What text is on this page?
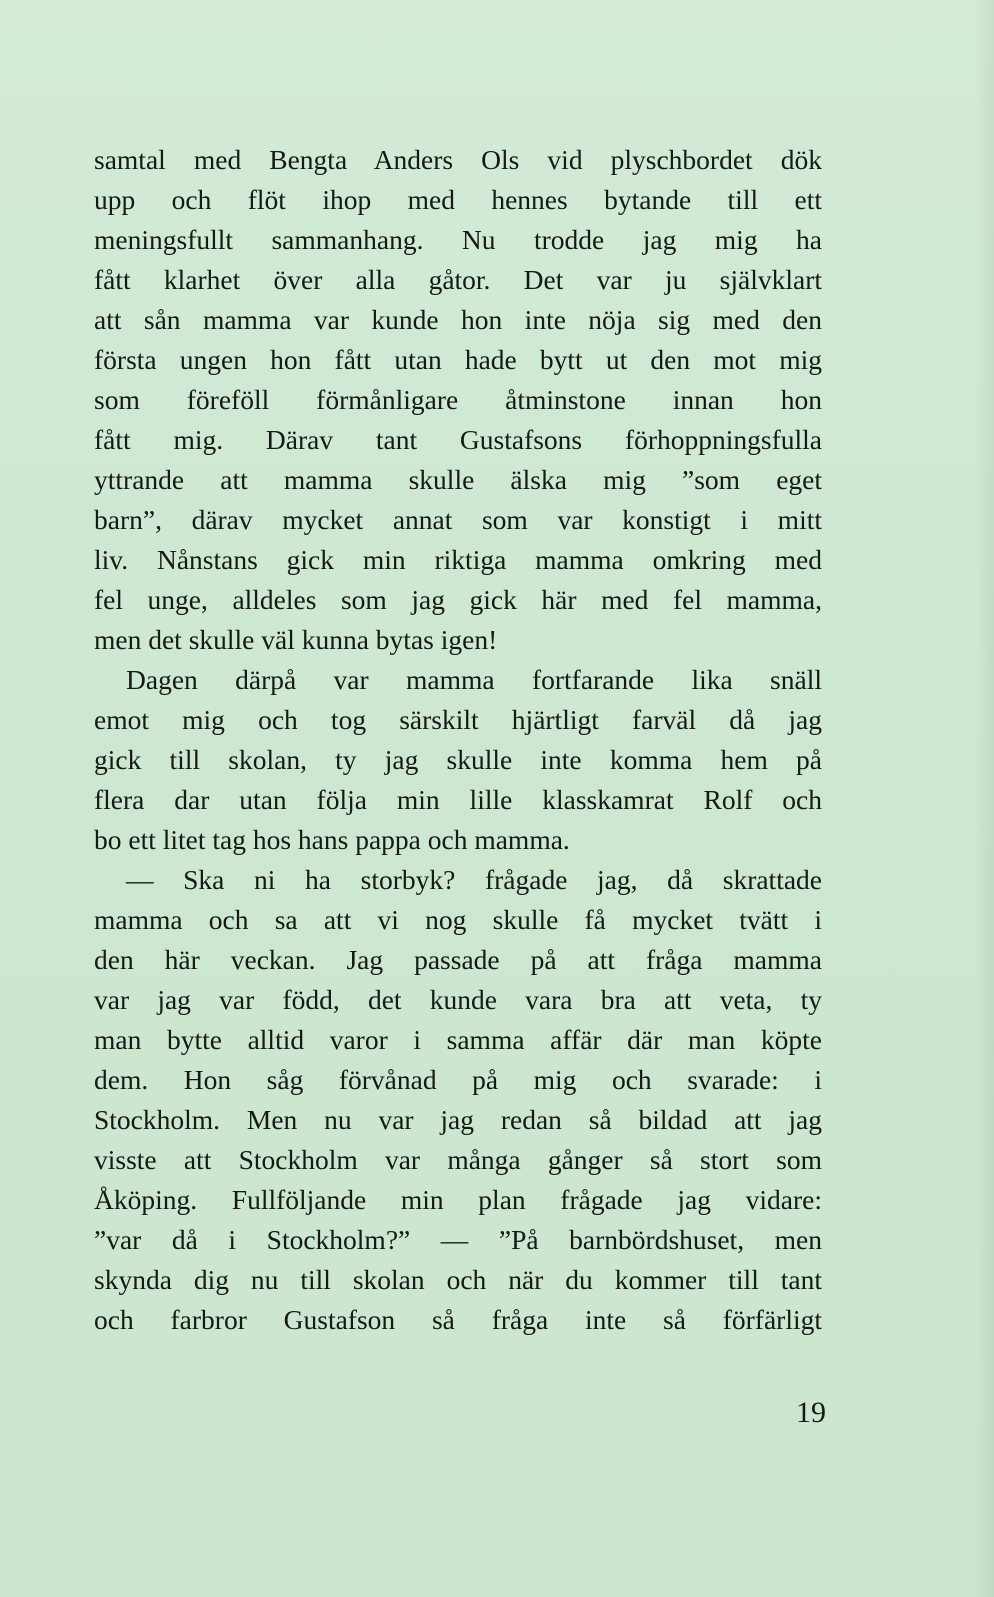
samtal med Bengta Anders Ols vid plyschbordet dök
upp och flöt ihop med hennes bytande till ett
meningsfullt sammanhang. Nu trodde jag mig ha
fått klarhet över alla gåtor. Det var ju självklart
att sån mamma var kunde hon inte nöja sig med den
första ungen hon fått utan hade bytt ut den mot mig
som föreföll förmånligare åtminstone innan hon
fått mig. Därav tant Gustafsons förhoppningsfulla
yttrande att mamma skulle älska mig ”som eget
barn”, därav mycket annat som var konstigt i mitt
liv. Nånstans gick min riktiga mamma omkring med
fel unge, alldeles som jag gick här med fel mamma,
men det skulle väl kunna bytas igen!
Dagen därpå var mamma fortfarande lika snäll
emot mig och tog särskilt hjärtligt farväl då jag
gick till skolan, ty jag skulle inte komma hem på
flera dar utan följa min lille klasskamrat Rolf och
bo ett litet tag hos hans pappa och mamma.
— Ska ni ha storbyk? frågade jag, då skrattade
mamma och sa att vi nog skulle få mycket tvätt i
den här veckan. Jag passade på att fråga mamma
var jag var född, det kunde vara bra att veta, ty
man bytte alltid varor i samma affär där man köpte
dem. Hon såg förvånad på mig och svarade: i
Stockholm. Men nu var jag redan så bildad att jag
visste att Stockholm var många gånger så stort som
Åköping. Fullföljande min plan frågade jag vidare:
”var då i Stockholm?” — ”På barnbördshuset, men
skynda dig nu till skolan och när du kommer till tant
och farbror Gustafson så fråga inte så förfärligt
19
